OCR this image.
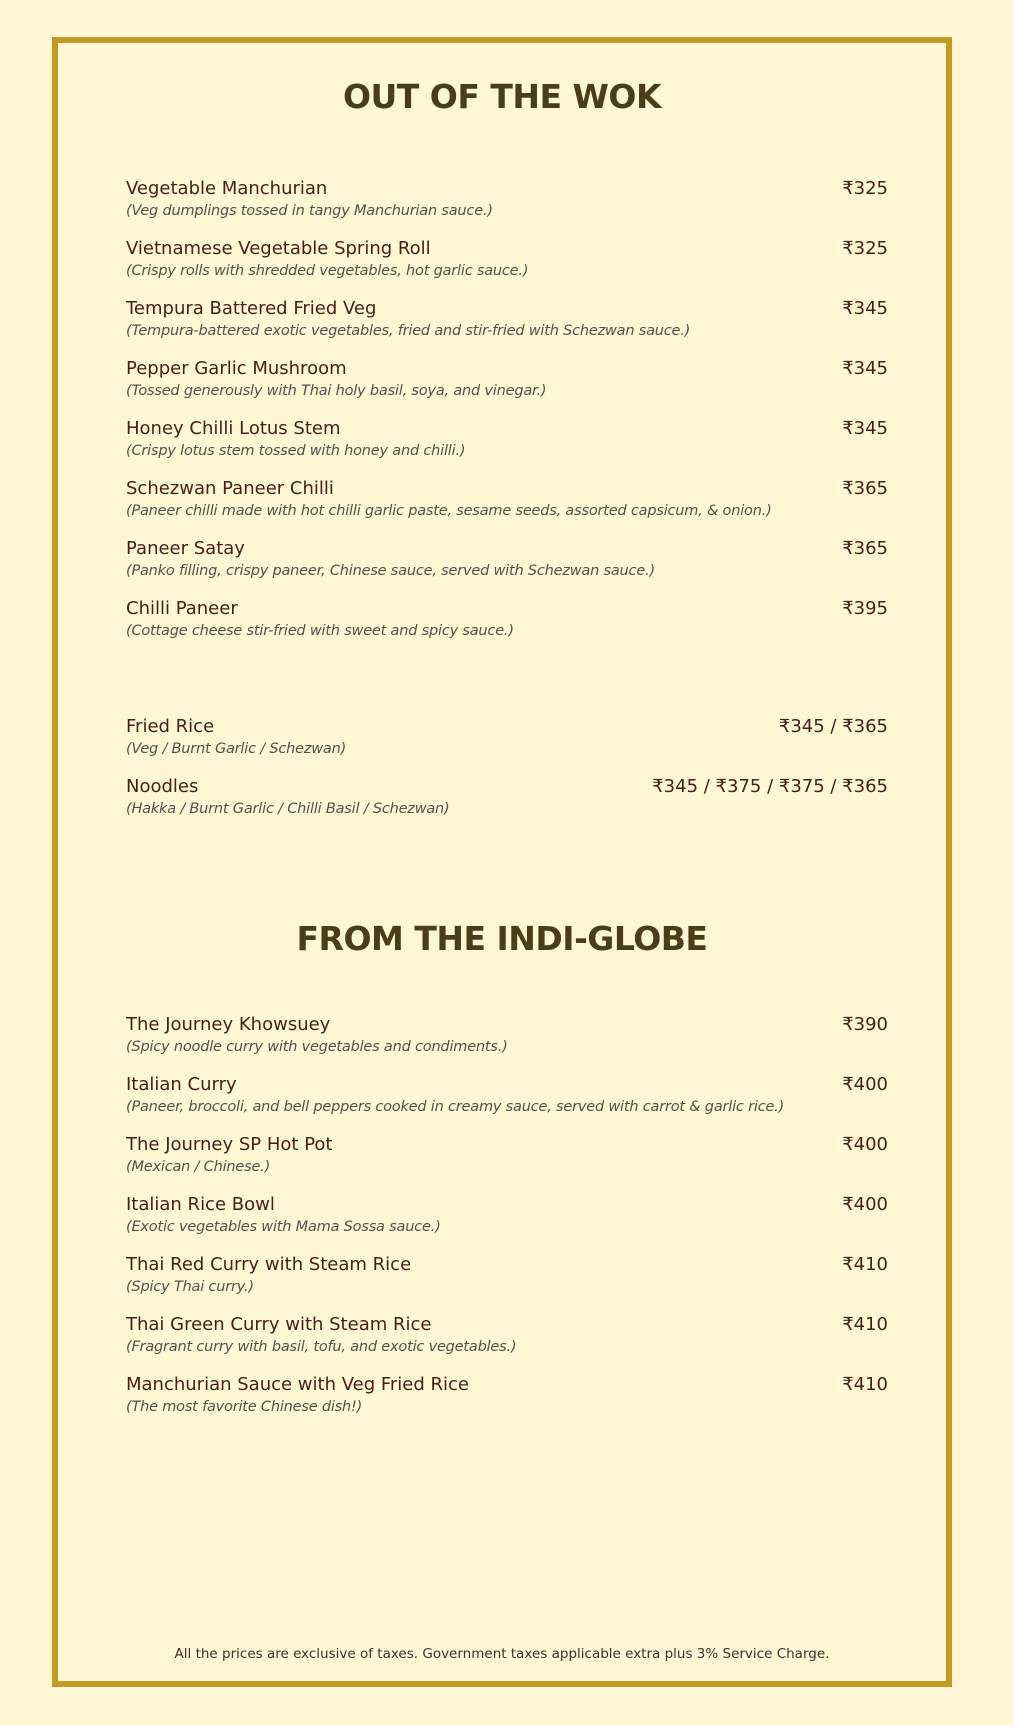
OUT OF THE WOK
Vegetable Manchurian
(Veg dumplings tossed in tangy Manchurian sauce.)
₹325
Vietnamese Vegetable Spring Roll
(Crispy rolls with shredded vegetables, hot garlic sauce.)
₹325
Tempura Battered Fried Veg
(Tempura-battered exotic vegetables, fried and stir-fried with Schezwan sauce.)
₹345
Pepper Garlic Mushroom
(Tossed generously with Thai holy basil, soya, and vinegar.)
₹345
Honey Chilli Lotus Stem
(Crispy lotus stem tossed with honey and chilli.)
₹345
Schezwan Paneer Chilli
(Paneer chilli made with hot chilli garlic paste, sesame seeds, assorted capsicum, & onion.)
₹365
Paneer Satay
(Panko filling, crispy paneer, Chinese sauce, served with Schezwan sauce.)
₹365
Chilli Paneer
(Cottage cheese stir-fried with sweet and spicy sauce.)
₹395
Fried Rice
(Veg / Burnt Garlic / Schezwan)
₹345 / ₹365
Noodles
(Hakka / Burnt Garlic / Chilli Basil / Schezwan)
₹345 / ₹375 / ₹375 / ₹365
FROM THE INDI-GLOBE
The Journey Khowsuey
(Spicy noodle curry with vegetables and condiments.)
₹390
Italian Curry
(Paneer, broccoli, and bell peppers cooked in creamy sauce, served with carrot & garlic rice.)
₹400
The Journey SP Hot Pot
(Mexican / Chinese.)
₹400
Italian Rice Bowl
(Exotic vegetables with Mama Sossa sauce.)
₹400
Thai Red Curry with Steam Rice
(Spicy Thai curry.)
₹410
Thai Green Curry with Steam Rice
(Fragrant curry with basil, tofu, and exotic vegetables.)
₹410
Manchurian Sauce with Veg Fried Rice
(The most favorite Chinese dish!)
₹410

All the prices are exclusive of taxes. Government taxes applicable extra plus 3% Service Charge.
